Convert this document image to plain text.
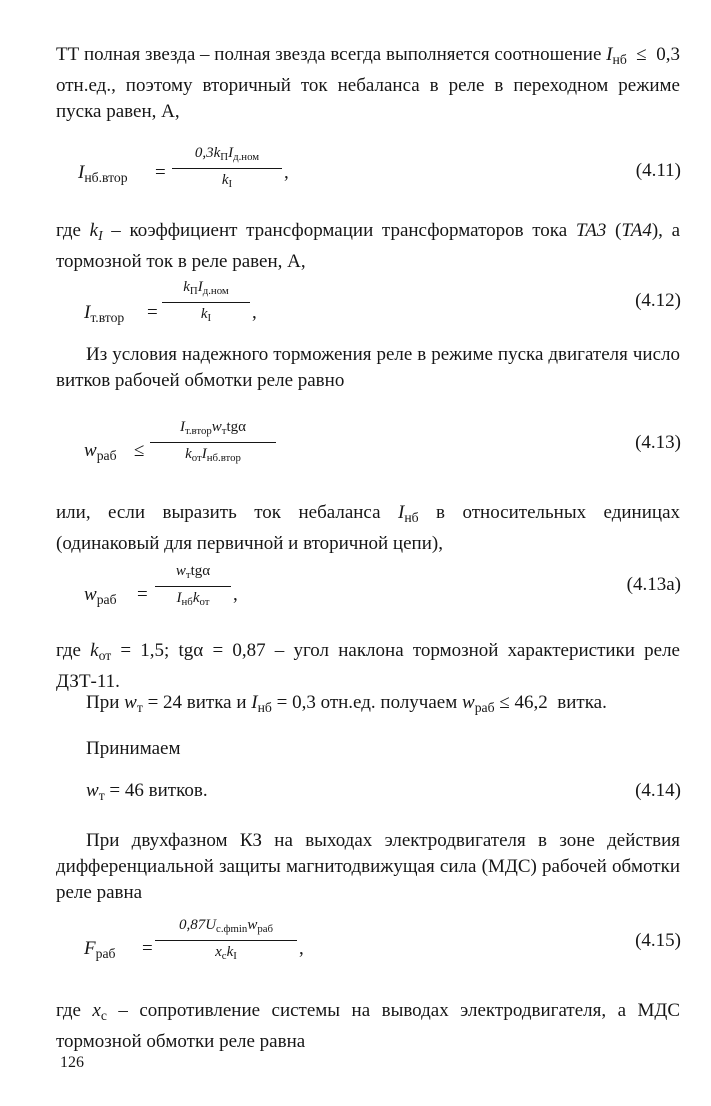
ТТ полная звезда – полная звезда всегда выполняется соотношение $I_{нб} \le 0,3$ отн.ед., поэтому вторичный ток небаланса в реле в переходном режиме пуска равен, А,
$I_{нб.втор}$ =
$0,3k_ПI_{д.ном}$
$k_I$
,	(4.11)
где $k_I$ – коэффициент трансформации трансформаторов тока ТА3 (ТА4), а тормозной ток в реле равен, А,
$I_{т.втор}$ =
$k_ПI_{д.ном}$
$k_I$	,
(4.12)
Из условия надежного торможения реле в режиме пуска двигателя число витков рабочей обмотки реле равно
$w_{раб}$ ≤
$I_{т.втор}w_тtg\alpha$
$k_{от}I_{нб.втор}$
(4.13)
или, если выразить ток небаланса $I_{нб}$ в относительных единицах (одинаковый для первичной и вторичной цепи),
$w_{раб}$ =
$w_тtg\alpha$
$I_{нб}k_{от}$	,	(4.13а)
где $k_{от} = 1,5$; tgα = 0,87 – угол наклона тормозной характеристики реле ДЗТ-11.
При $w_т = 24$ витка и $I_{нб} = 0,3$ отн.ед. получаем $w_{раб} \le 46,2$  витка.
Принимаем
$w_т = 46$ витков.	(4.14)
При двухфазном КЗ на выходах электродвигателя в зоне действия дифференциальной защиты магнитодвижущая сила (МДС) рабочей обмотки реле равна
$F_{раб}$ =
$0,87U_{с.фmin}w_{раб}$
$x_сk_I$	,	(4.15)
где $x_с$ – сопротивление системы на выводах электродвигателя, а МДС тормозной обмотки реле равна
126
